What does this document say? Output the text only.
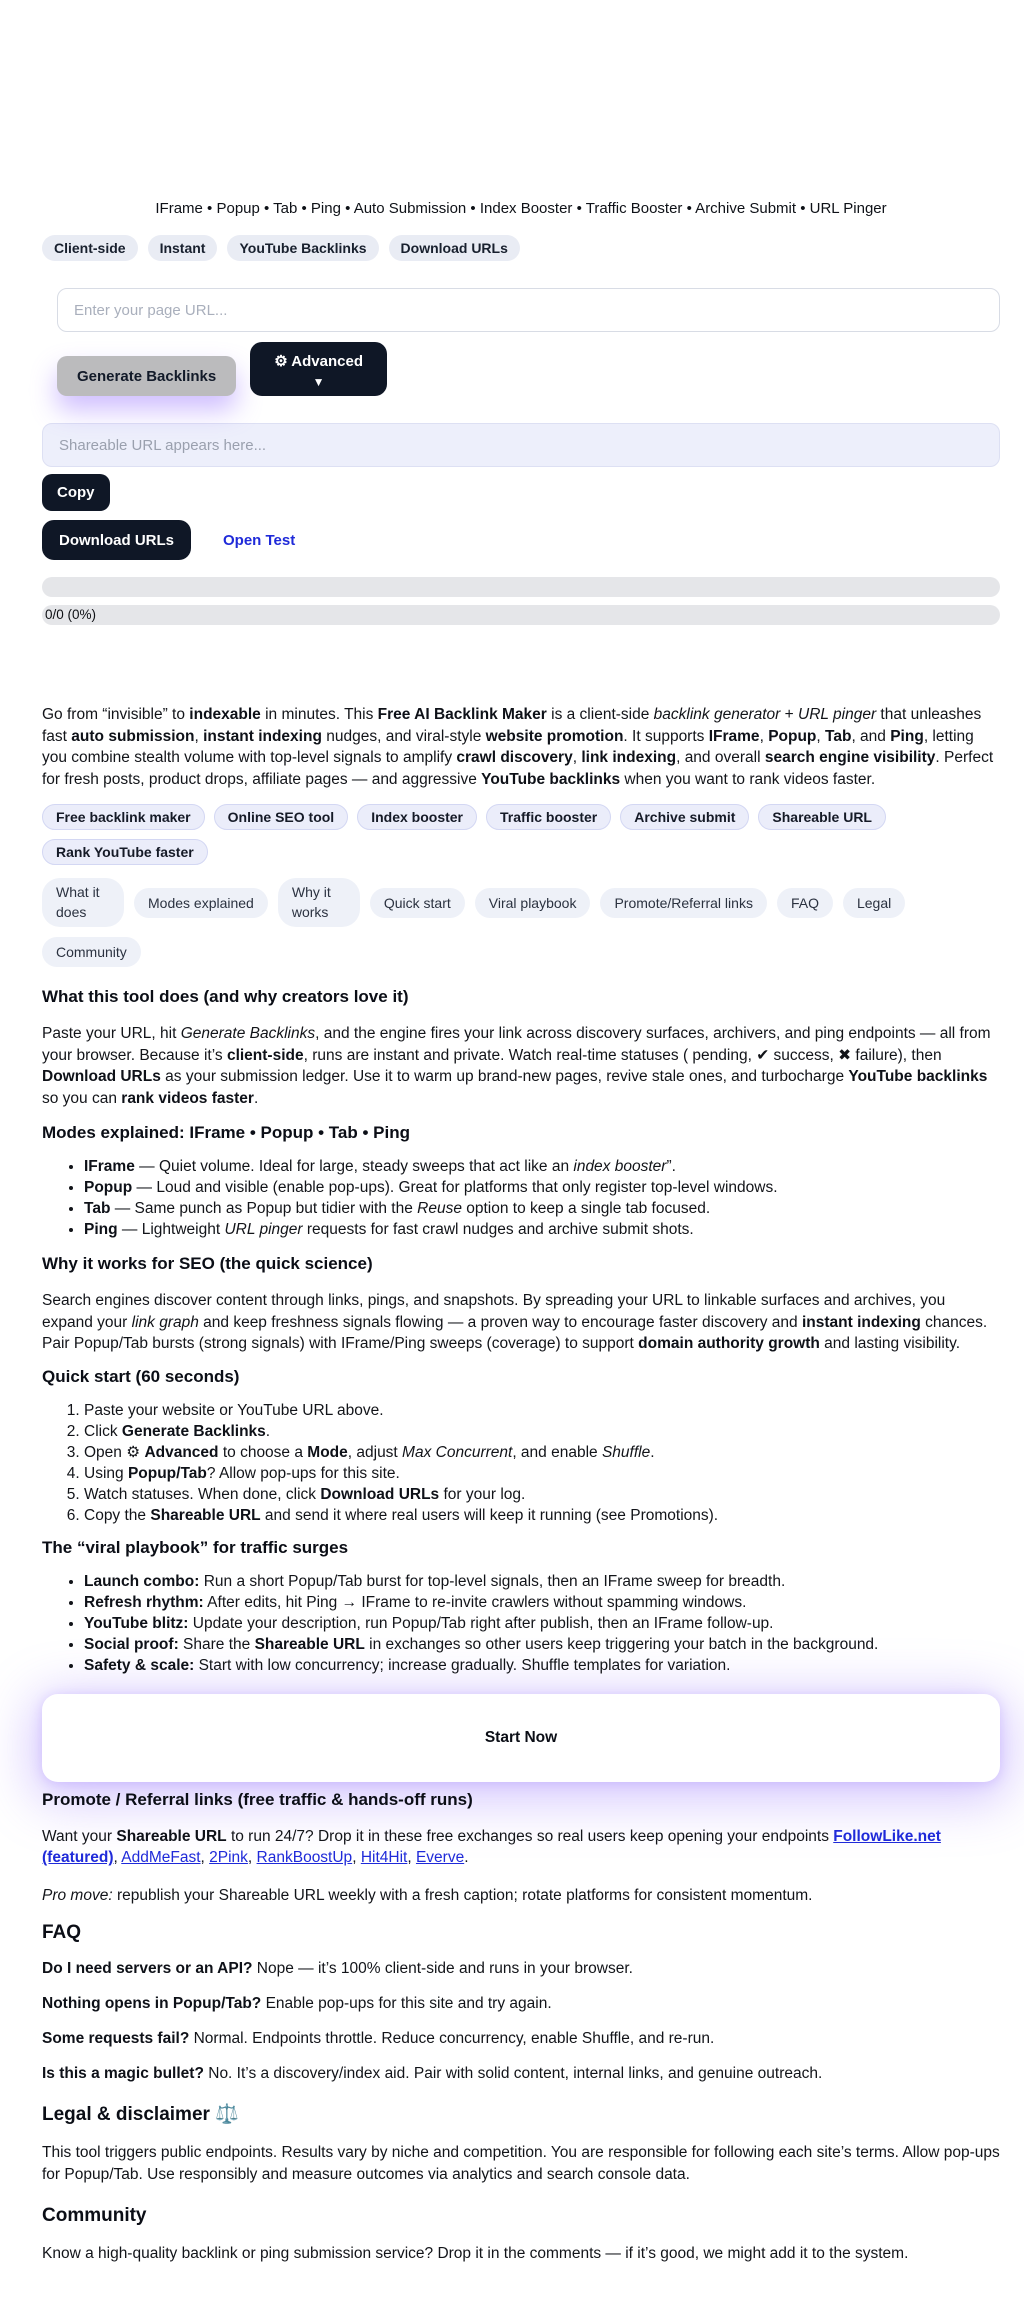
IFrame • Popup • Tab • Ping • Auto Submission • Index Booster • Traffic Booster • Archive Submit • URL Pinger
Client-side	Instant	YouTube Backlinks	Download URLs
Enter your page URL...
Generate Backlinks
⚙ Advanced
▼
Shareable URL appears here...
Copy
Download URLs	Open Test
0/0 (0%)

Go from “invisible” to indexable in minutes. This Free AI Backlink Maker is a client-side backlink generator + URL pinger that unleashes fast auto submission, instant indexing nudges, and viral-style website promotion. It supports IFrame, Popup, Tab, and Ping, letting you combine stealth volume with top-level signals to amplify crawl discovery, link indexing, and overall search engine visibility. Perfect for fresh posts, product drops, affiliate pages — and aggressive YouTube backlinks when you want to rank videos faster.

Free backlink maker	Online SEO tool	Index booster	Traffic booster	Archive submit	Shareable URL
Rank YouTube faster
What it does
Modes explained
Why it works
Quick start	Viral playbook	Promote/Referral links	FAQ	Legal
Community
What this tool does (and why creators love it)

Paste your URL, hit Generate Backlinks, and the engine fires your link across discovery surfaces, archivers, and ping endpoints — all from your browser. Because it’s client-side, runs are instant and private. Watch real-time statuses ( pending, ✔ success, ✖ failure), then Download URLs as your submission ledger. Use it to warm up brand-new pages, revive stale ones, and turbocharge YouTube backlinks so you can rank videos faster.

Modes explained: IFrame • Popup • Tab • Ping
• IFrame — Quiet volume. Ideal for large, steady sweeps that act like an index booster”.
• Popup — Loud and visible (enable pop-ups). Great for platforms that only register top-level windows.
• Tab — Same punch as Popup but tidier with the Reuse option to keep a single tab focused.
• Ping — Lightweight URL pinger requests for fast crawl nudges and archive submit shots.
Why it works for SEO (the quick science)

Search engines discover content through links, pings, and snapshots. By spreading your URL to linkable surfaces and archives, you expand your link graph and keep freshness signals flowing — a proven way to encourage faster discovery and instant indexing chances. Pair Popup/Tab bursts (strong signals) with IFrame/Ping sweeps (coverage) to support domain authority growth and lasting visibility.

Quick start (60 seconds)
1. Paste your website or YouTube URL above.
2. Click Generate Backlinks.
3. Open ⚙ Advanced to choose a Mode, adjust Max Concurrent, and enable Shuffle.
4. Using Popup/Tab? Allow pop-ups for this site.
5. Watch statuses. When done, click Download URLs for your log.
6. Copy the Shareable URL and send it where real users will keep it running (see Promotions).
The “viral playbook” for traffic surges
• Launch combo: Run a short Popup/Tab burst for top-level signals, then an IFrame sweep for breadth.
• Refresh rhythm: After edits, hit Ping → IFrame to re-invite crawlers without spamming windows.
• YouTube blitz: Update your description, run Popup/Tab right after publish, then an IFrame follow-up.
• Social proof: Share the Shareable URL in exchanges so other users keep triggering your batch in the background.
• Safety & scale: Start with low concurrency; increase gradually. Shuffle templates for variation.
Start Now
Promote / Referral links (free traffic & hands-off runs)

Want your Shareable URL to run 24/7? Drop it in these free exchanges so real users keep opening your endpoints FollowLike.net (featured), AddMeFast, 2Pink, RankBoostUp, Hit4Hit, Everve.

Pro move: republish your Shareable URL weekly with a fresh caption; rotate platforms for consistent momentum.

FAQ

Do I need servers or an API? Nope — it’s 100% client-side and runs in your browser.

Nothing opens in Popup/Tab? Enable pop-ups for this site and try again.

Some requests fail? Normal. Endpoints throttle. Reduce concurrency, enable Shuffle, and re-run.

Is this a magic bullet? No. It’s a discovery/index aid. Pair with solid content, internal links, and genuine outreach.

Legal & disclaimer ⚖️

This tool triggers public endpoints. Results vary by niche and competition. You are responsible for following each site’s terms. Allow pop-ups for Popup/Tab. Use responsibly and measure outcomes via analytics and search console data.

Community

Know a high-quality backlink or ping submission service? Drop it in the comments — if it’s good, we might add it to the system.
